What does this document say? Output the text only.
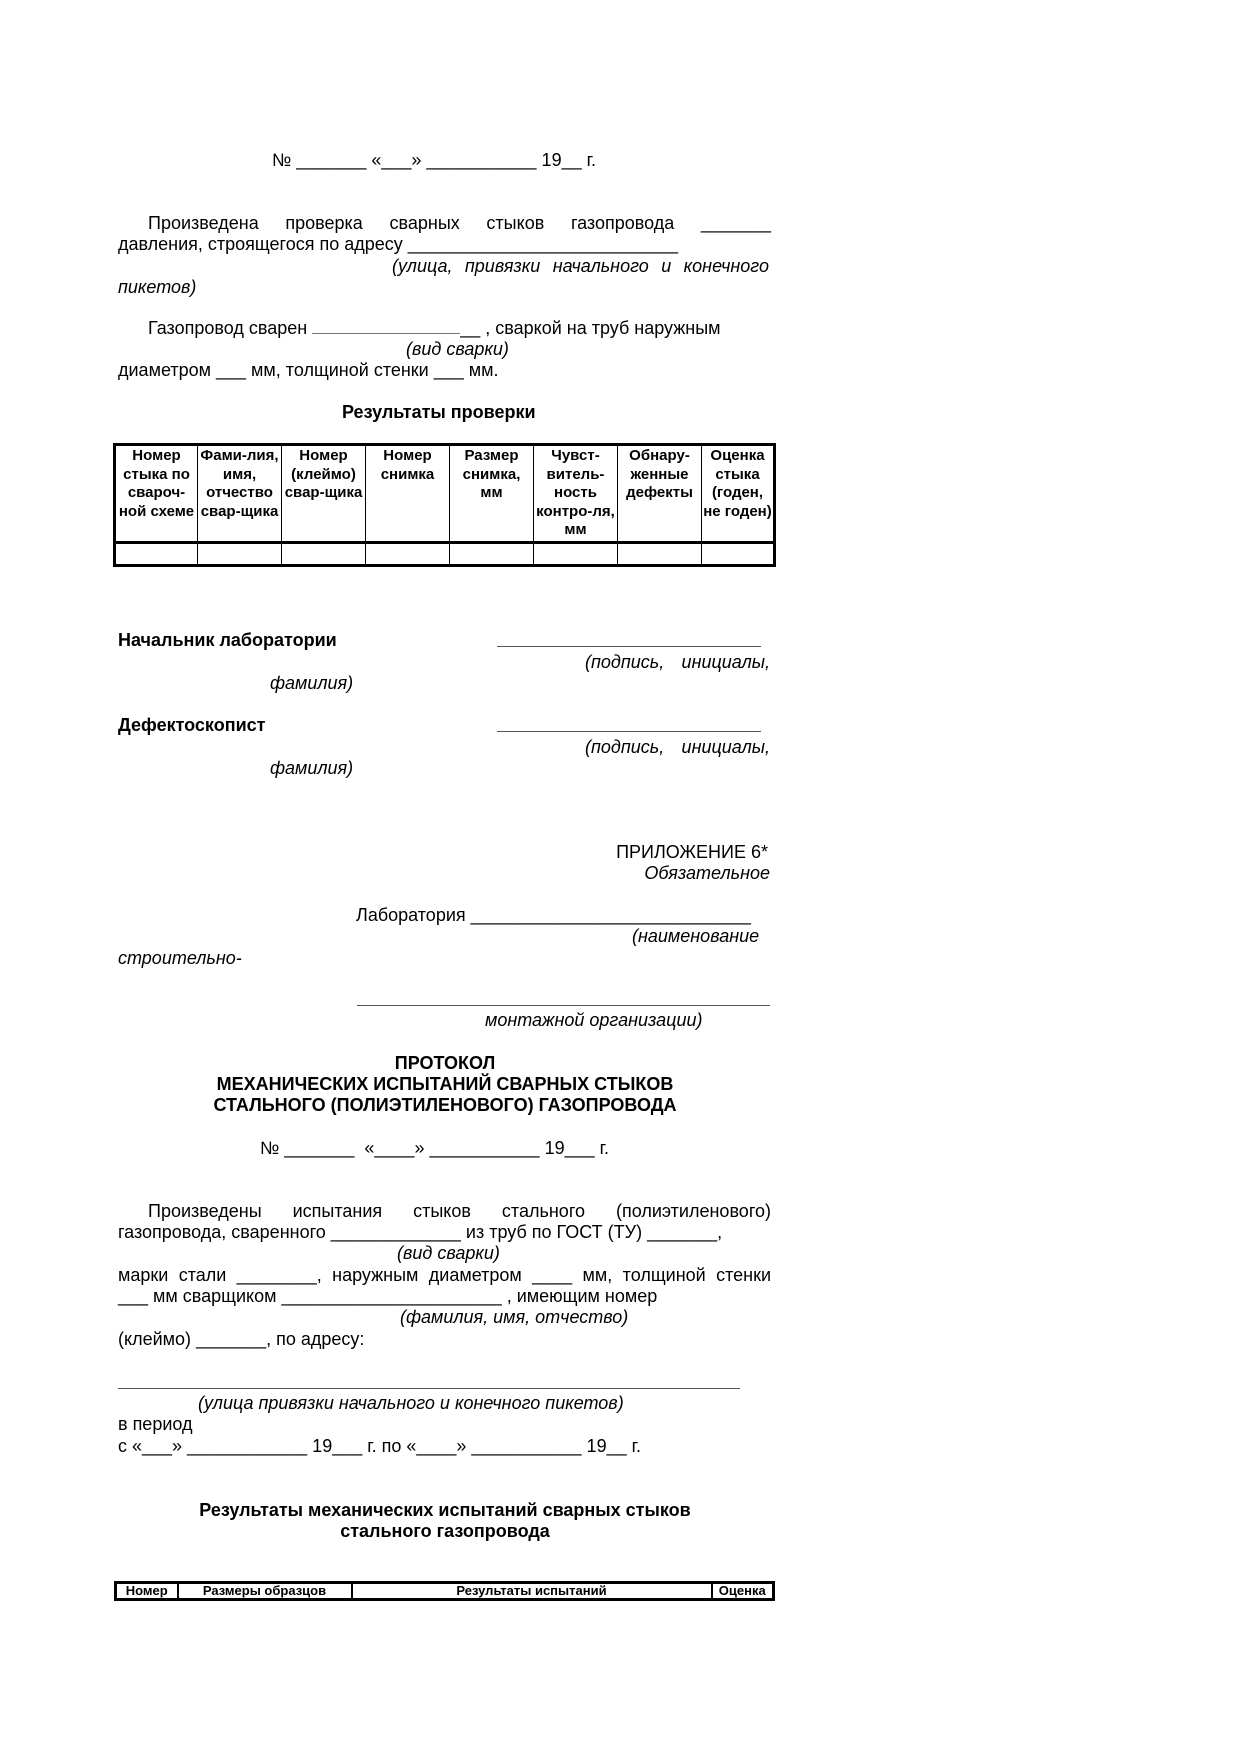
№ _______ «___» ___________ 19__ г.
Произведена проверка сварных стыков газопровода _______
давления, строящегося по адресу ___________________________
(улица, привязки начального и конечного
пикетов)
Газопровод сварен	__ , сваркой на труб наружным
(вид сварки)
диаметром ___ мм, толщиной стенки ___ мм.
Результаты проверки
Номер стыка по свароч-ной схеме	Фами-лия, имя, отчество свар-щика	Номер (клеймо) свар-щика	Номер снимка	Размер снимка, мм	Чувст-витель-ность контро-ля, мм	Обнару-женные дефекты	Оценка стыка (годен, не годен)

Начальник лаборатории
(подпись, инициалы,
фамилия)
Дефектоскопист
(подпись, инициалы,
фамилия)
ПРИЛОЖЕНИЕ 6*
Обязательное
Лаборатория ____________________________
(наименование
строительно-
монтажной организации)
ПРОТОКОЛ
МЕХАНИЧЕСКИХ ИСПЫТАНИЙ СВАРНЫХ СТЫКОВ
СТАЛЬНОГО (ПОЛИЭТИЛЕНОВОГО) ГАЗОПРОВОДА
№ _______  «____» ___________ 19___ г.
Произведены испытания стыков стального (полиэтиленового)
газопровода, сваренного _____________ из труб по ГОСТ (ТУ) _______,
(вид сварки)
марки стали ________, наружным диаметром ____ мм, толщиной стенки
___ мм сварщиком ______________________ , имеющим номер
(фамилия, имя, отчество)
(клеймо) _______, по адресу:
(улица привязки начального и конечного пикетов)
в период
с «___» ____________ 19___ г. по «____» ___________ 19__ г.
Результаты механических испытаний сварных стыков
стального газопровода
Номер	Размеры образцов	Результаты испытаний	Оценка
